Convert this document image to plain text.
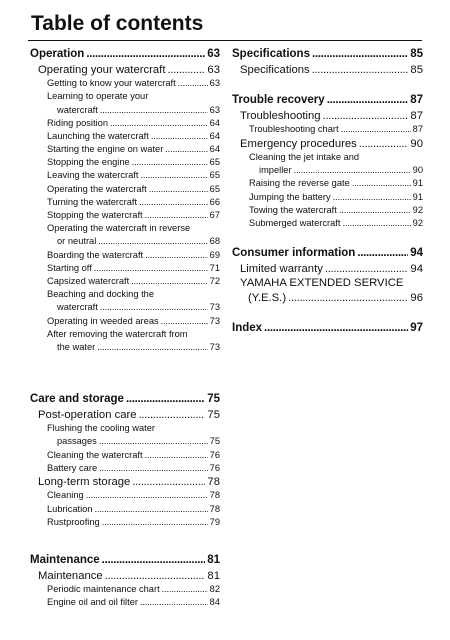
Table of contents
Operation .....	63
Operating your watercraft .....	63
Getting to know your watercraft .....	63
Learning to operate your
watercraft .....	63
Riding position .....	64
Launching the watercraft .....	64
Starting the engine on water .....	64
Stopping the engine .....	65
Leaving the watercraft .....	65
Operating the watercraft .....	65
Turning the watercraft .....	66
Stopping the watercraft .....	67
Operating the watercraft in reverse
or neutral .....	68
Boarding the watercraft .....	69
Starting off .....	71
Capsized watercraft .....	72
Beaching and docking the
watercraft .....	73
Operating in weeded areas .....	73
After removing the watercraft from
the water .....	73
Care and storage .....	75
Post-operation care .....	75
Flushing the cooling water
passages .....	75
Cleaning the watercraft .....	76
Battery care .....	76
Long-term storage .....	78
Cleaning .....	78
Lubrication .....	78
Rustproofing .....	79
Maintenance .....	81
Maintenance .....	81
Periodic maintenance chart .....	82
Engine oil and oil filter .....	84
Specifications .....	85
Specifications .....	85
Trouble recovery .....	87
Troubleshooting .....	87
Troubleshooting chart .....	87
Emergency procedures .....	90
Cleaning the jet intake and
impeller .....	90
Raising the reverse gate .....	91
Jumping the battery .....	91
Towing the watercraft .....	92
Submerged watercraft .....	92
Consumer information .....	94
Limited warranty .....	94
YAMAHA EXTENDED SERVICE
(Y.E.S.) .....	96
Index .....	97
